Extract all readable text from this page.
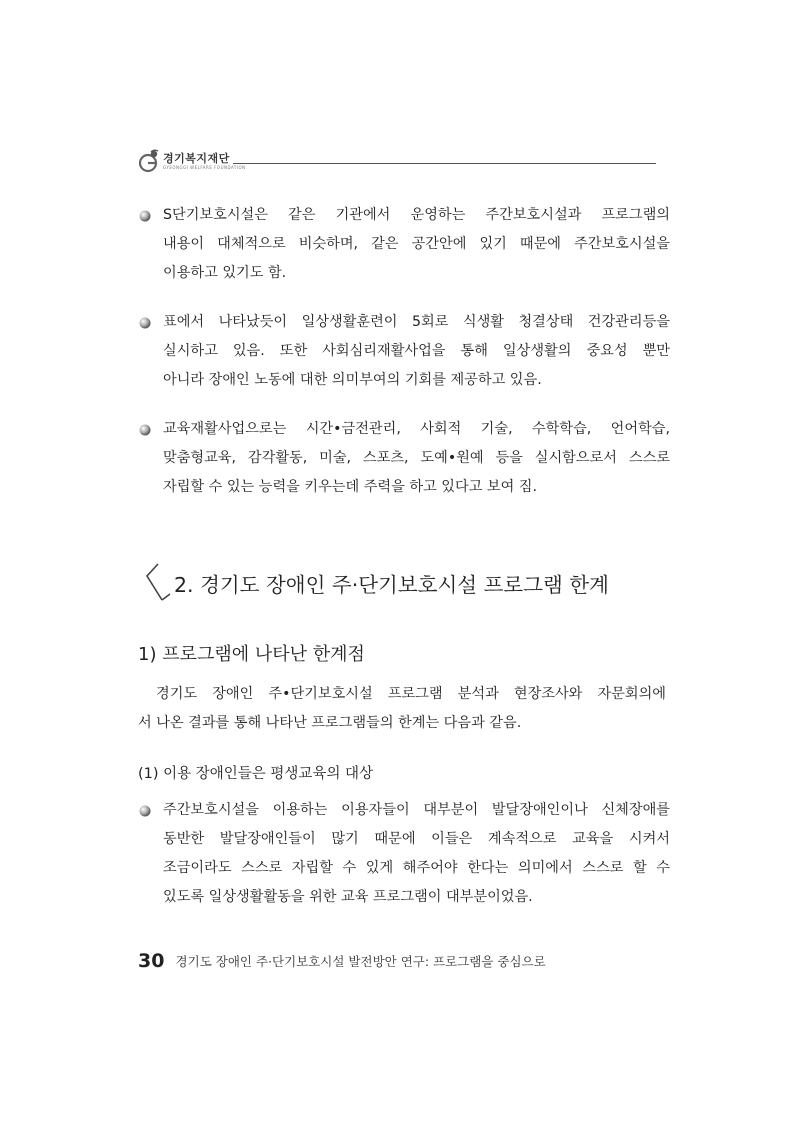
경기복지재단
GYEONGGI WELFARE FOUNDATION
S단기보호시설은 같은 기관에서 운영하는 주간보호시설과 프로그램의
내용이 대체적으로 비슷하며, 같은 공간안에 있기 때문에 주간보호시설을
이용하고 있기도 함.
표에서 나타났듯이 일상생활훈련이 5회로 식생활 청결상태 건강관리등을
실시하고 있음. 또한 사회심리재활사업을 통해 일상생활의 중요성 뿐만
아니라 장애인 노동에 대한 의미부여의 기회를 제공하고 있음.
교육재활사업으로는 시간•금전관리, 사회적 기술, 수학학습, 언어학습,
맞춤형교육, 감각활동, 미술, 스포츠, 도예•원예 등을 실시함으로서 스스로
자립할 수 있는 능력을 키우는데 주력을 하고 있다고 보여 짐.
2. 경기도 장애인 주·단기보호시설 프로그램 한계
1) 프로그램에 나타난 한계점
경기도 장애인 주•단기보호시설 프로그램 분석과 현장조사와 자문회의에
서 나온 결과를 통해 나타난 프로그램들의 한계는 다음과 같음.
(1) 이용 장애인들은 평생교육의 대상
주간보호시설을 이용하는 이용자들이 대부분이 발달장애인이나 신체장애를
동반한 발달장애인들이 많기 때문에 이들은 계속적으로 교육을 시켜서
조금이라도 스스로 자립할 수 있게 해주어야 한다는 의미에서 스스로 할 수
있도록 일상생활활동을 위한 교육 프로그램이 대부분이었음.
30 경기도 장애인 주·단기보호시설 발전방안 연구: 프로그램을 중심으로
